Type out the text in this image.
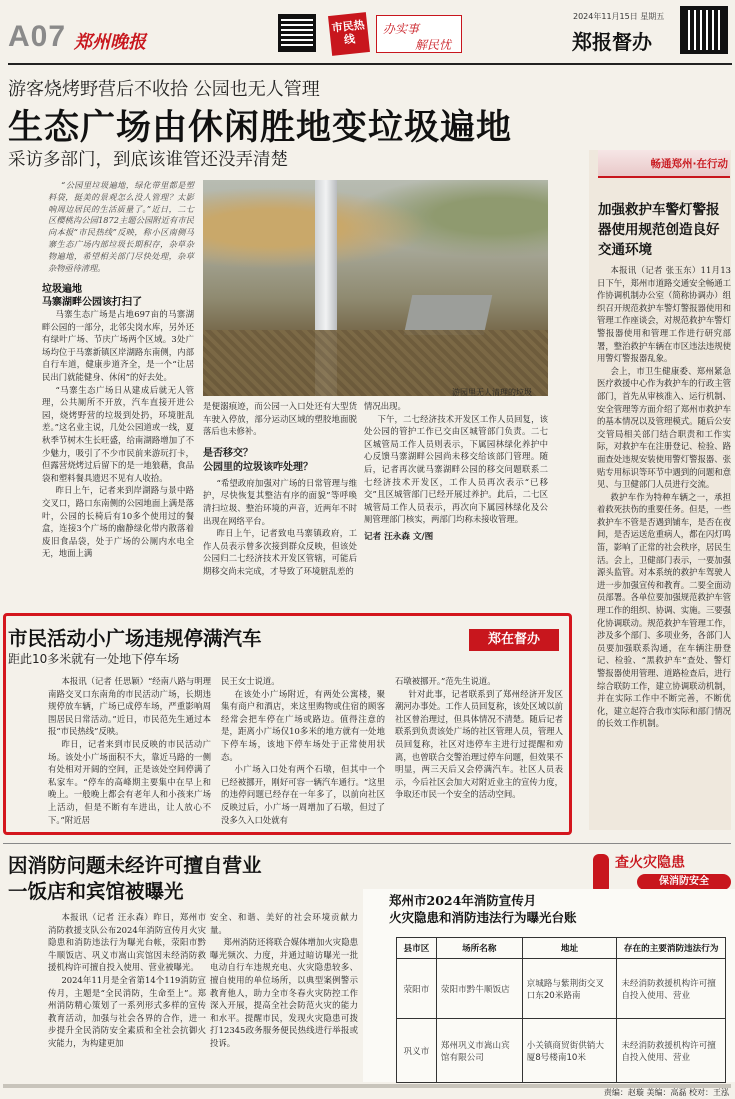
A07 郑州晚报
市民热线
办实事
解民忧
2024年11月15日 星期五
郑报督办
游客烧烤野营后不收拾 公园也无人管理
生态广场由休闲胜地变垃圾遍地
采访多部门，到底该谁管还没弄清楚

“公园里垃圾遍地，绿化带里都是塑料袋，挺美的景观怎么没人管理？太影响周边居民的生活质量了。”近日，二七区樱桃沟公园1872主题公园附近有市民向本报“市民热线”反映，称小区南侧马寨生态广场内部垃圾长期积存，杂草杂物遍地，希望相关部门尽快处理，杂草杂物亟待清理。

游园里无人清理的垃圾
垃圾遍地
马寨湖畔公园该打扫了

马寨生态广场是占地697亩的马寨湖畔公园的一部分，北邻尖岗水库，另外还有绿叶广场、节庆广场两个区域。3处广场均位于马寨新镇区岸湖路东南侧，内部自行车道，健康步道齐全，是一个“让居民出门就能健身、休闲”的好去处。

“马寨生态广场日从建成后就无人管理，公共厕所不开放，汽车直接开进公园，烧烤野营的垃圾到处扔，环境脏乱差。”这名业主说，几处公园道或一线，夏秋季节树木生长旺盛，给南湖路增加了不少魅力，吸引了不少市民前来游玩打卡，但露营烧烤过后留下的是一地狼藉，食品袋和塑料餐具遗迟不见有人收拾。

昨日上午，记者来到岸湖路与景中路交叉口，路口东南侧的公园地面上满是落叶，公园的长椅后有10多个使用过的餐盒，连接3个广场的幽静绿化带内散落着废旧食品袋，处于广场的公厕内水电全无，地面上满

是便溺痕迹，而公园一入口处还有大型货车驶入停放，部分运动区域的塑胶地面脱落后也未修补。

是否移交？
公园里的垃圾该咋处理？

“希望政府加强对广场的日常管理与维护，尽快恢复其整洁有序的面貌”等呼唤清扫垃圾、整治环境的声音，近两年不时出现在网络平台。

昨日上午，记者致电马寨镇政府，工作人员表示曾多次接到群众反映，但该处公园归二七经济技术开发区管辖，可能后期移交尚未完成，才导致了环境脏乱差的

情况出现。

下午，二七经济技术开发区工作人员回复，该处公园的管护工作已交由区城管部门负责。二七区城管局工作人员则表示，下属园林绿化养护中心反馈马寨湖畔公园尚未移交给该部门管理。随后，记者再次就马寨湖畔公园的移交问题联系二七经济技术开发区，工作人员再次表示“已移交”且区城管部门已经开展过养护。此后，二七区城管局工作人员表示，再次向下属园林绿化及公厕管理部门核实，两部门均称未接收管理。

记者 汪永森 文/图
畅通郑州·在行动
加强救护车警灯警报器使用规范创造良好交通环境

本报讯（记者 张玉东）11月13日下午，郑州市道路交通安全畅通工作协调机制办公室（简称协调办）组织召开规范救护车警灯警报器使用和管理工作座谈会，对规范救护车警灯警报器使用和管理工作进行研究部署，整治救护车辆在市区违法违规使用警灯警报器乱象。

会上，市卫生健康委、郑州紧急医疗救援中心作为救护车的行政主管部门，首先从审核准入、运行机制、安全管理等方面介绍了郑州市救护车的基本情况以及管理模式。随后公安交管局相关部门结合职责和工作实际，对救护车在注册登记、检验、路面查处违规安装使用警灯警报器、张贴专用标识等环节中遇到的问题和意见、与卫健部门人员进行交流。

救护车作为特种车辆之一，承担着救死扶伤的重要任务。但是，一些救护车不管是否遇到铺车，是否在夜间，是否运送危重病人，都在闪灯鸣笛，影响了正常的社会秩序，居民生活。会上，卫健部门表示，一要加强源头监管。对本系统的救护车驾驶人进一步加强宣传和教育。二要全面动员部署。各单位要加强规范救护车管理工作的组织、协调、实施。三要强化协调联动。规范救护车管理工作，涉及多个部门、多项业务，各部门人员要加强联系沟通，在车辆注册登记、检验、“黑救护车”查处、警灯警报器使用管理、道路检查后，进行综合联防工作，建立协调联动机制，并在实际工作中不断完善，不断优化，建立起符合我市实际和部门情况的长效工作机制。

市民活动小广场违规停满汽车
距此10多米就有一处地下停车场
郑在督办

本报讯（记者 任思颖）“经南八路与明理南路交叉口东南角的市民活动广场，长期违规停放车辆，广场已成停车场，严重影响周围居民日常活动。”近日，市民范先生通过本报“市民热线”反映。

昨日，记者来到市民反映的市民活动广场。该处小广场面积不大，靠近马路的一侧有处相对开阔的空间，正是该处空间停满了私家车。“停车的高峰期主要集中在早上和晚上。一般晚上都会有老年人和小孩来广场上活动，但是不断有车进出，让人放心不下。”附近居

民王女士说道。

在该处小广场附近，有两处公寓楼，聚集有商户和酒店，来这里购物或住宿的顾客经常会把车停在广场或路边。值得注意的是，距离小广场仅10多米的地方就有一处地下停车场，该地下停车场处于正常使用状态。

小广场入口处有两个石墩，但其中一个已经被挪开，刚好可容一辆汽车通行。“这里的违停问题已经存在一年多了，以前向社区反映过后，小广场一周增加了石墩，但过了没多久入口处就有

石墩被挪开。”范先生说道。

针对此事，记者联系到了郑州经济开发区潮河办事处。工作人员回复称，该处区域以前社区曾治理过，但具体情况不清楚。随后记者联系到负责该处广场的社区管理人员，管理人员回复称，社区对违停车主进行过提醒和劝离，也曾联合交警治理过停车问题，但效果不明显，两三天后又会停满汽车。社区人员表示，今后社区会加大对附近业主的宣传力度，争取还市民一个安全的活动空间。

因消防问题未经许可擅自营业
一饭店和宾馆被曝光
查火灾隐患
保消防安全

本报讯（记者 汪永森）昨日，郑州市消防救援支队公布2024年消防宣传月火灾隐患和消防违法行为曝光台帐，荥阳市黔牛顺饭店、巩义市嵩山宾馆因未经消防救援机构许可擅自投入使用、营业被曝光。

2024年11月是全省第14个119消防宣传月，主题是“全民消防，生命至上”。郑州消防精心策划了一系列形式多样的宣传教育活动，加强与社会各界的合作，进一步提升全民消防安全素质和全社会抗御火灾能力，为构建更加

安全、和谐、美好的社会环境贡献力量。

郑州消防还将联合媒体增加火灾隐患曝光频次、力度，并通过暗访曝光一批电动自行车违规充电、火灾隐患较多、擅自使用的单位场所，以典型案例警示教育他人，助力全市冬春火灾防控工作深入开展，提高全社会防范火灾的能力和水平。提醒市民，发现火灾隐患可拨打12345政务服务便民热线进行举报或投诉。

郑州市2024年消防宣传月
火灾隐患和消防违法行为曝光台账
县市区	场所名称	地址	存在的主要消防违法行为
荥阳市	荥阳市黔牛顺饭店	京城路与紫荆街交叉口东20米路南	未经消防救援机构许可擅自投入使用、营业
巩义市	郑州巩义市嵩山宾馆有限公司	小关镇商贸街供销大厦8号楼南10米	未经消防救援机构许可擅自投入使用、营业
责编：赵璇 美编：高磊 校对：王泓
